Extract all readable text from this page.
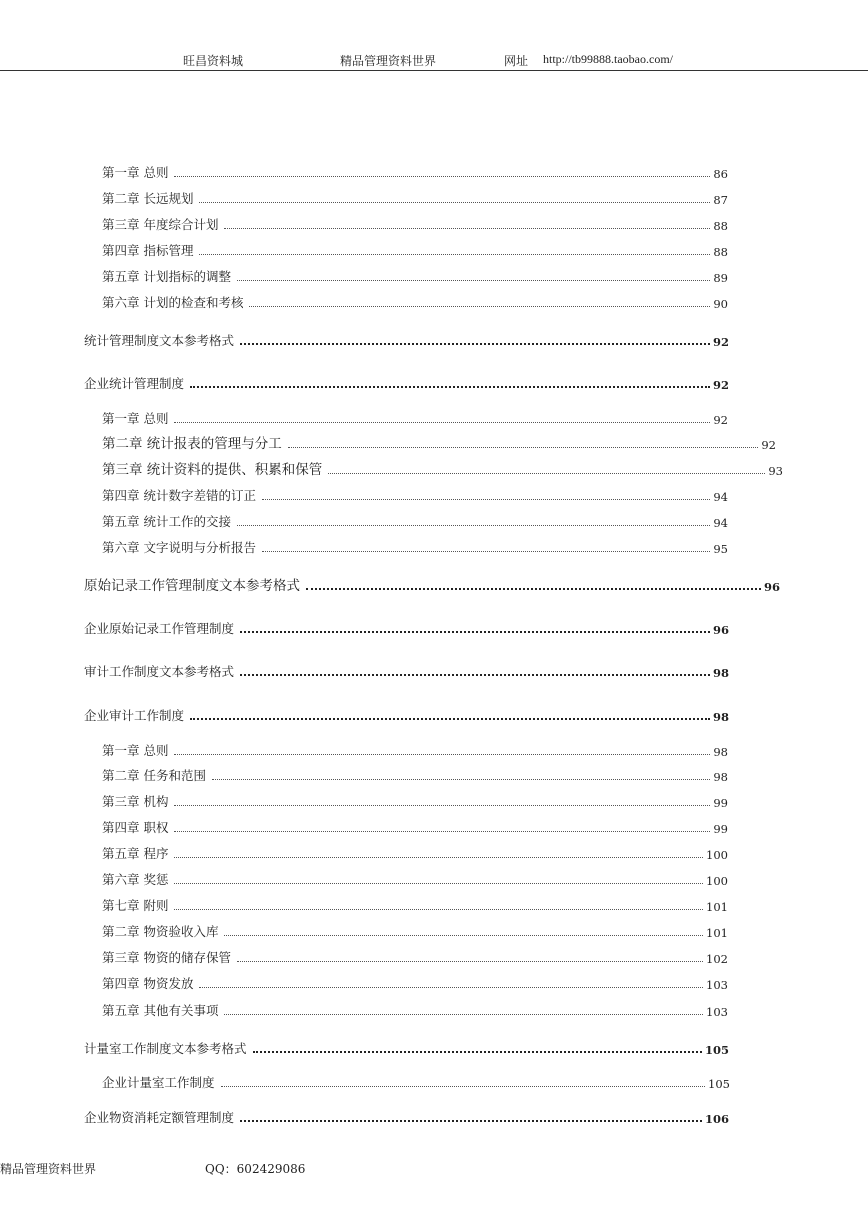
旺昌资料城	精品管理资料世界	网址 http://tb99888.taobao.com/
第一章 总则	86
第二章 长远规划	87
第三章 年度综合计划	88
第四章 指标管理	88
第五章 计划指标的调整	89
第六章 计划的检查和考核	90
统计管理制度文本参考格式	92
企业统计管理制度	92
第一章 总则	92
第二章 统计报表的管理与分工	92
第三章 统计资料的提供、积累和保管	93
第四章 统计数字差错的订正	94
第五章 统计工作的交接	94
第六章 文字说明与分析报告	95
原始记录工作管理制度文本参考格式	96
企业原始记录工作管理制度	96
审计工作制度文本参考格式	98
企业审计工作制度	98
第一章 总则	98
第二章 任务和范围	98
第三章 机构	99
第四章 职权	99
第五章 程序	100
第六章 奖惩	100
第七章 附则	101
第二章 物资验收入库	101
第三章 物资的储存保管	102
第四章 物资发放	103
第五章 其他有关事项	103
计量室工作制度文本参考格式	105
企业计量室工作制度	105
企业物资消耗定额管理制度	106
精品管理资料世界	QQ：602429086
